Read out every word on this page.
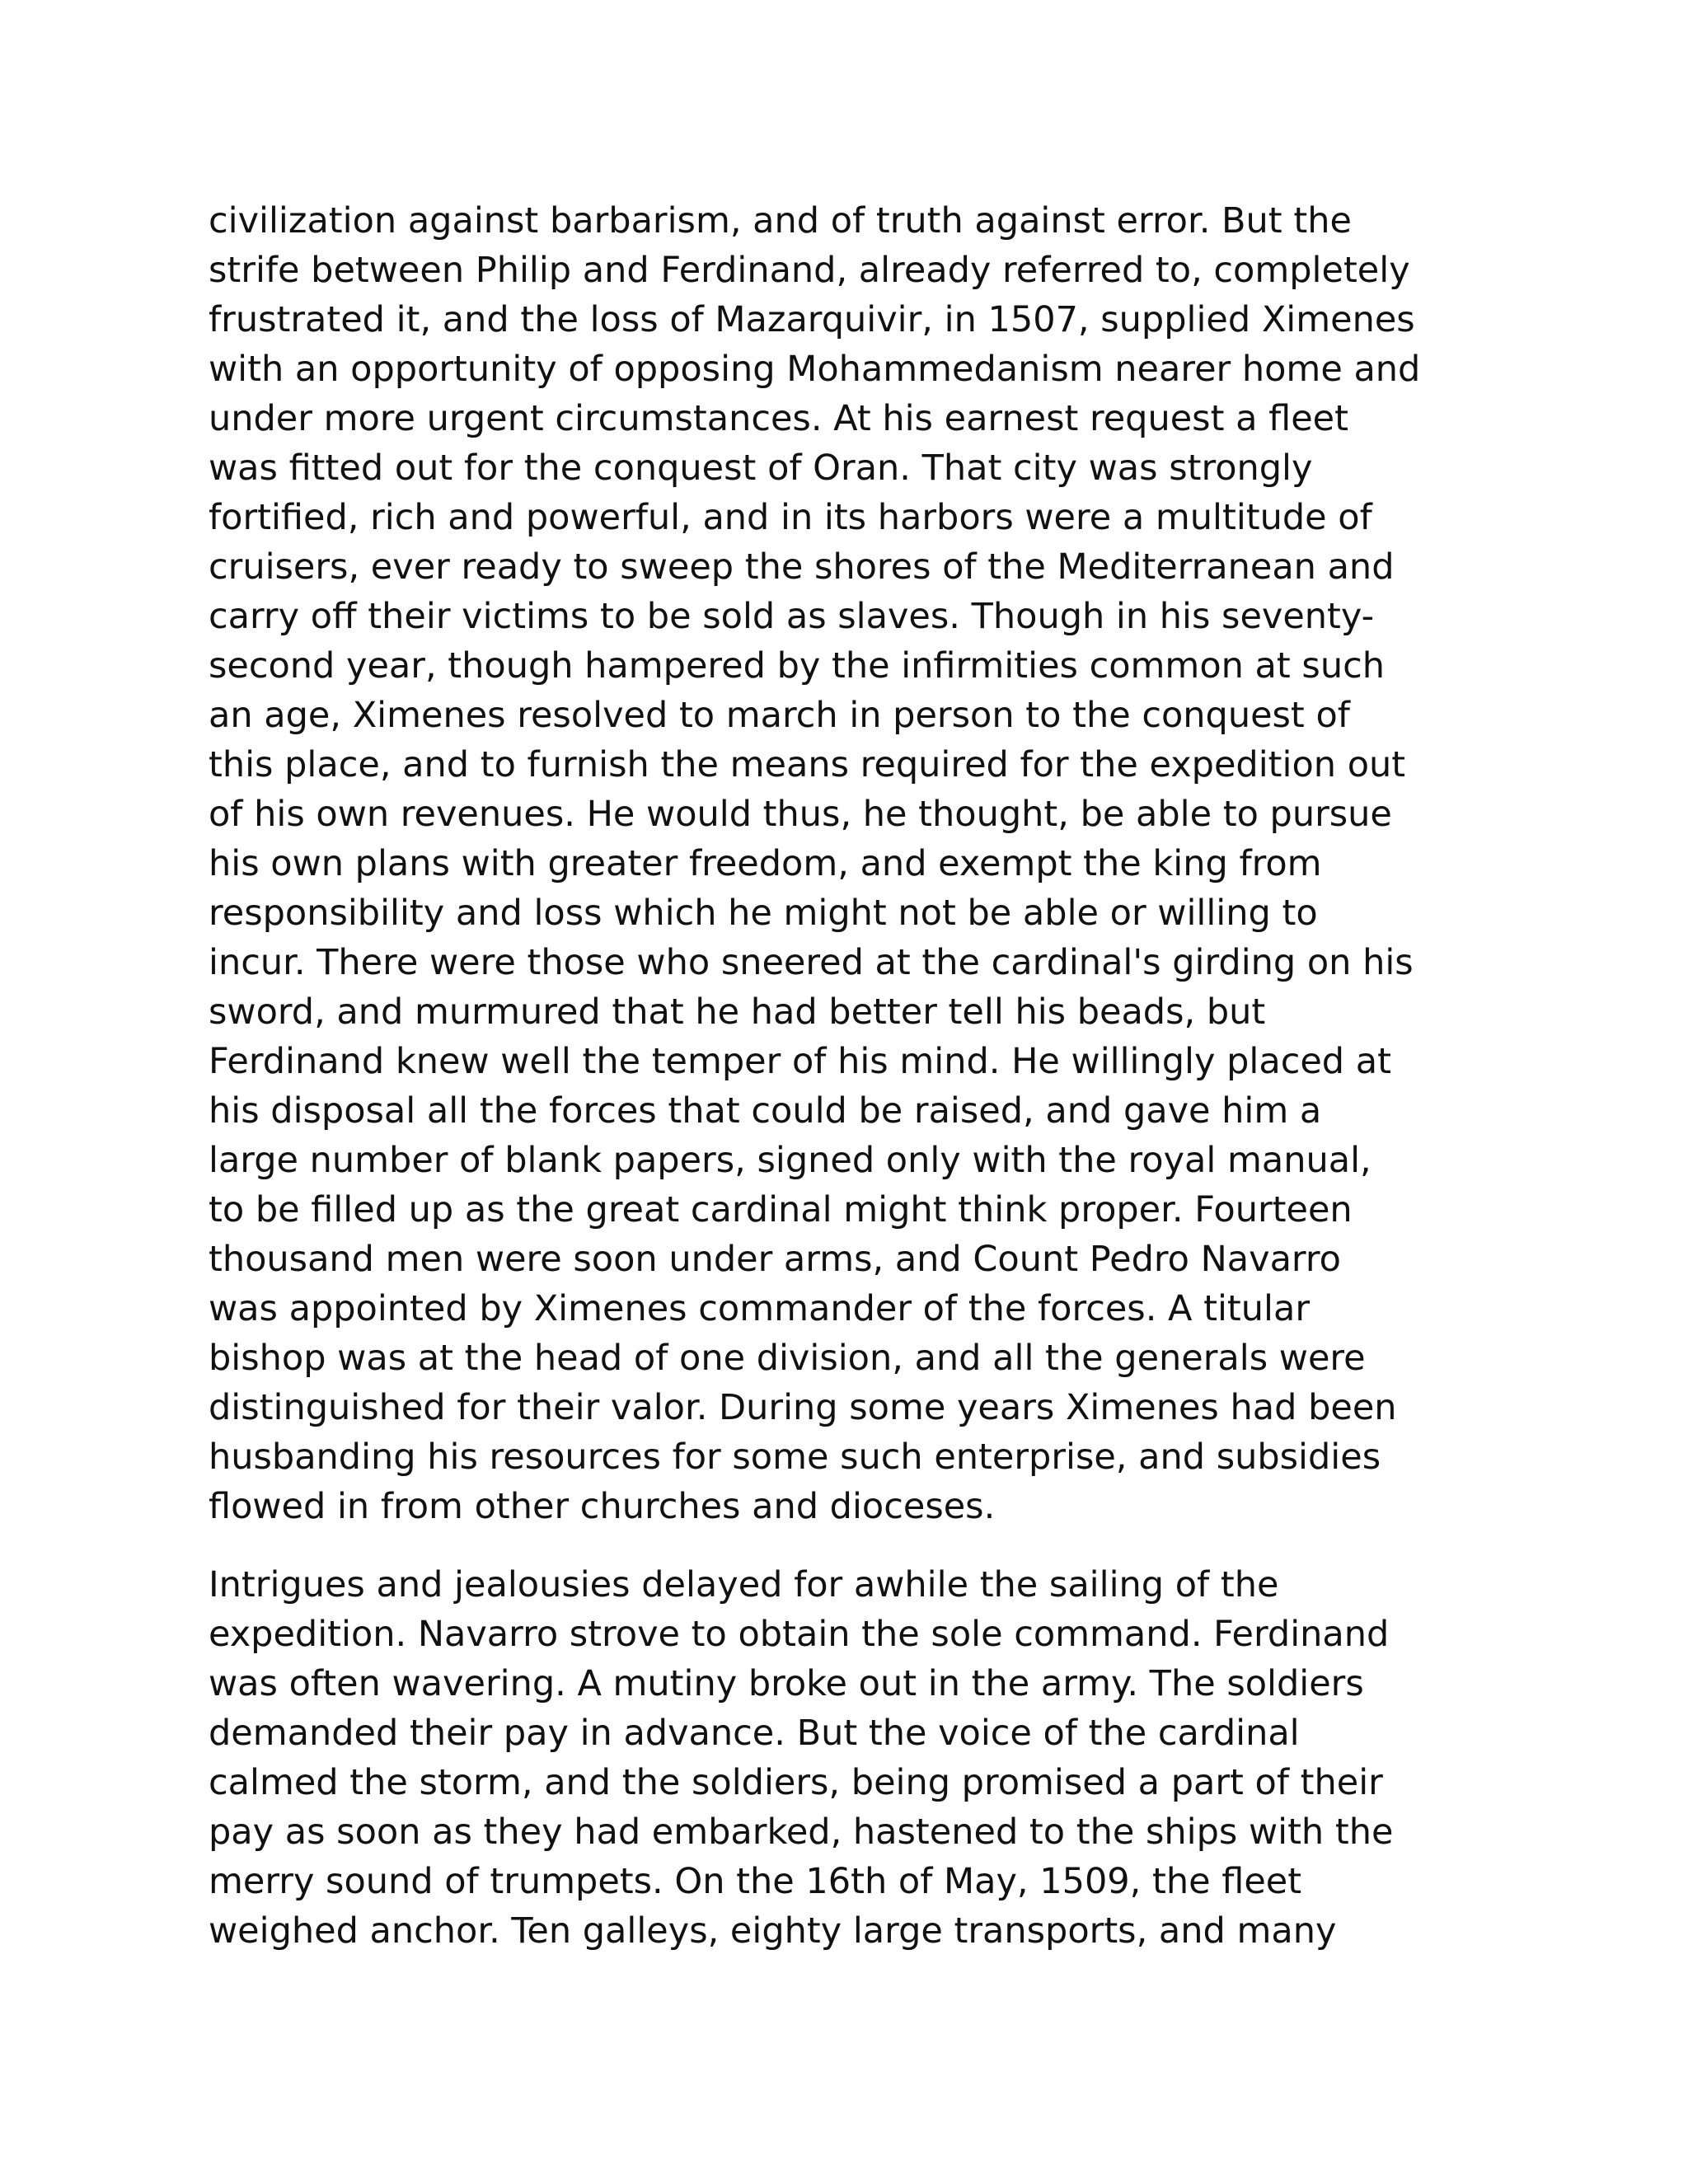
civilization against barbarism, and of truth against error. But the
strife between Philip and Ferdinand, already referred to, completely
frustrated it, and the loss of Mazarquivir, in 1507, supplied Ximenes
with an opportunity of opposing Mohammedanism nearer home and
under more urgent circumstances. At his earnest request a fleet
was fitted out for the conquest of Oran. That city was strongly
fortified, rich and powerful, and in its harbors were a multitude of
cruisers, ever ready to sweep the shores of the Mediterranean and
carry off their victims to be sold as slaves. Though in his seventy-
second year, though hampered by the infirmities common at such
an age, Ximenes resolved to march in person to the conquest of
this place, and to furnish the means required for the expedition out
of his own revenues. He would thus, he thought, be able to pursue
his own plans with greater freedom, and exempt the king from
responsibility and loss which he might not be able or willing to
incur. There were those who sneered at the cardinal's girding on his
sword, and murmured that he had better tell his beads, but
Ferdinand knew well the temper of his mind. He willingly placed at
his disposal all the forces that could be raised, and gave him a
large number of blank papers, signed only with the royal manual,
to be filled up as the great cardinal might think proper. Fourteen
thousand men were soon under arms, and Count Pedro Navarro
was appointed by Ximenes commander of the forces. A titular
bishop was at the head of one division, and all the generals were
distinguished for their valor. During some years Ximenes had been
husbanding his resources for some such enterprise, and subsidies
flowed in from other churches and dioceses.
Intrigues and jealousies delayed for awhile the sailing of the
expedition. Navarro strove to obtain the sole command. Ferdinand
was often wavering. A mutiny broke out in the army. The soldiers
demanded their pay in advance. But the voice of the cardinal
calmed the storm, and the soldiers, being promised a part of their
pay as soon as they had embarked, hastened to the ships with the
merry sound of trumpets. On the 16th of May, 1509, the fleet
weighed anchor. Ten galleys, eighty large transports, and many
